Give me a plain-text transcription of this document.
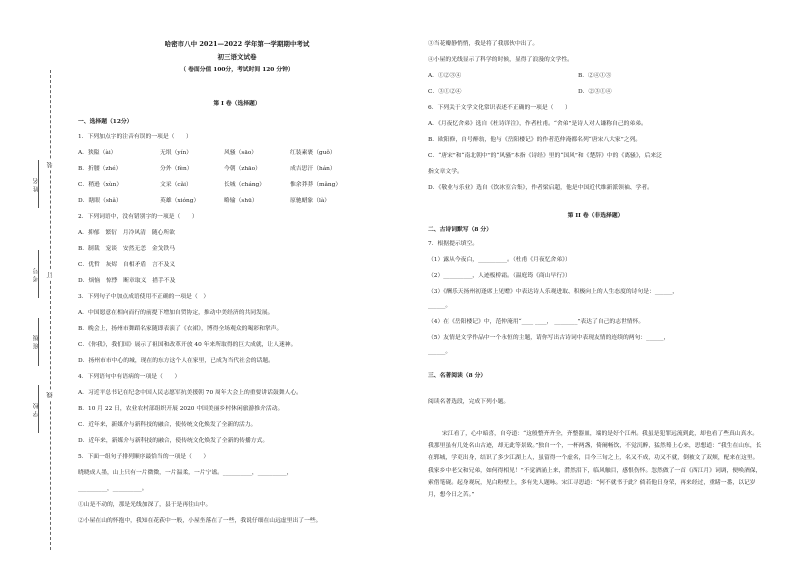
姓名
考号
班级
学校
装
订
线
哈密市八中 2021—2022 学年第一学期期中考试
初三语文试卷
（ 卷面分值 100分，考试时间 120 分钟）
第 I 卷（选择题）
一、选择题（12分）
1．下列加点字的注音有误的一项是（　　）
A．狭隘（ài）	无垠（yín）	风骚（sāo）	红装素裹（guǒ）
B．折腰（zhé）	分外（fèn）	今朝（zhāo）	成吉思汗（hán）
C．稍逊（xùn）	文采（cǎi）	长城（cháng）	惟余莽莽（mǎng）
D．瞎眼（shǎ）	英雄（xióng）	略输（shū）	原驰蜡象（là）
2．下列词语中，没有错别字的一项是（　　）
A．抑郁　繁衍　月冷风清　随心所欲
B．制裁　宠谈　安然无恙　金戈铁马
C．优哲　灰烬　自相矛盾　言不及义
D．烦恼　惊悸　断章取义　措手不及
3．下列句子中加点成语使用不正确的一项是（　）
A．中国愿意在相向而行的前提下增加自贸协定，推动中美经济的共同发展。
B．晚会上，扬州市舞蹈名家随即表演了《衣裙》，博得全场观众的喝彩和掌声。
C．《你我》，我们国》展示了祖国和改革开放 40 年来所取得的巨大成就，让人迷神。
D．扬州市市中心的城，现在的东方这个人在家里，已成为当代社会的话题。
4．下列语句中有语病的一项是（　　）
A．习近平总书记在纪念中国人民志愿军抗美援朝 70 周年大会上的重要讲话鼓舞人心。
B．10 月 22 日，农业农村部组织开展 2020 中国美丽乡村休闲旅游推介活动。
C．近年来，新媒介与新科技的融合，使传统文化焕发了全新的活力。
D．近年来，新媒介与新科技的融合，使传统文化焕发了全新的传播方式。
5．下面一组句子排列顺序最恰当的一项是（　　）
晓晓成人墨，山上只有一片微微，一片温柔，一片宁谧。__________，__________，
__________，__________。
①山是不动的，那是光线加深了，县于是再往山中。
②小屋在山的怀抱中，我知在花荻中一般，小屋坐落在了一些，我说仔细在山远虚里出了一些。
③当花瓣静悄悄，我是将了我那伙中出了。
④小屋的光线显示了科学的时候，显得了浪漫的文学性。
A．①②③④	B．②④①③
C．③①②④	D．②③①④
6．下列关于文学文化常识表述不正确的一项是（　　）
A．《月夜忆舍弟》选自《杜诗详注》，作者杜甫。“舍弟”是诗人对人谦称自己的弟弟。
B．欧阳修，自号醉翁，他与《岳阳楼记》的作者范仲淹都名列“唐宋八大家”之列。
C．“唐宋”和“南北朝中”的“风骚”本指《诗经》里的“国风”和《楚辞》中的《离骚》，后来泛
指文章文学。
D．《敬业与乐业》选自《饮冰室合集》，作者梁启超，他是中国近代维新派领袖、学者。
第 II 卷（非选择题）
二、古诗词默写（8 分）
7．根据提示填空。
（1）露从今夜白，__________。（杜甫《月夜忆舍弟》）
（2）__________，人迹板桥霜。（温庭筠《商山早行》）
（3）《酬乐天扬州初逢席上见赠》中表达诗人乐观进取、积极向上的人生态度的诗句是：______，
______。
（4）在《岳阳楼记》中，范仲淹用“____ ____， ________”表达了自己的志世情怀。
（5）友情是文学作品中一个永恒的主题，请你写出古诗词中表现友情的连续的两句：______，
______。
三、名著阅读（8 分）
阅读名著选段，完成下列小题。
宋江看了，心中暗喜，自夸道：“这般整齐齐全，齐整器皿，端的是好个江州。我虽是犯罪远流到此，却也看了些真山真水。我那里虽有几处名山古迹，却无此等景致。”独自一个，一杯两盏，倚阑畅饮，不觉沉醉，猛然蓦上心来，思想道：“我生在山东，长在郓城，学吏出身，结识了多少江湖上人，虽留得一个虚名，目今三旬之上，名又不成，功又不就，倒被文了双颊，配来在这里。我家乡中老父和兄弟，如何得相见！”不觉酒涌上来，潸然泪下，临风触目，感恨伤怀。忽然做了一首《西江月》词调，便唤酒保，索借笔砚。起身观玩，见白粉壁上，多有先人题咏。宋江寻思道：“何不就书于此？倘若他日身荣，再来经过，重睹一番，以记岁月，想今日之苦。”
